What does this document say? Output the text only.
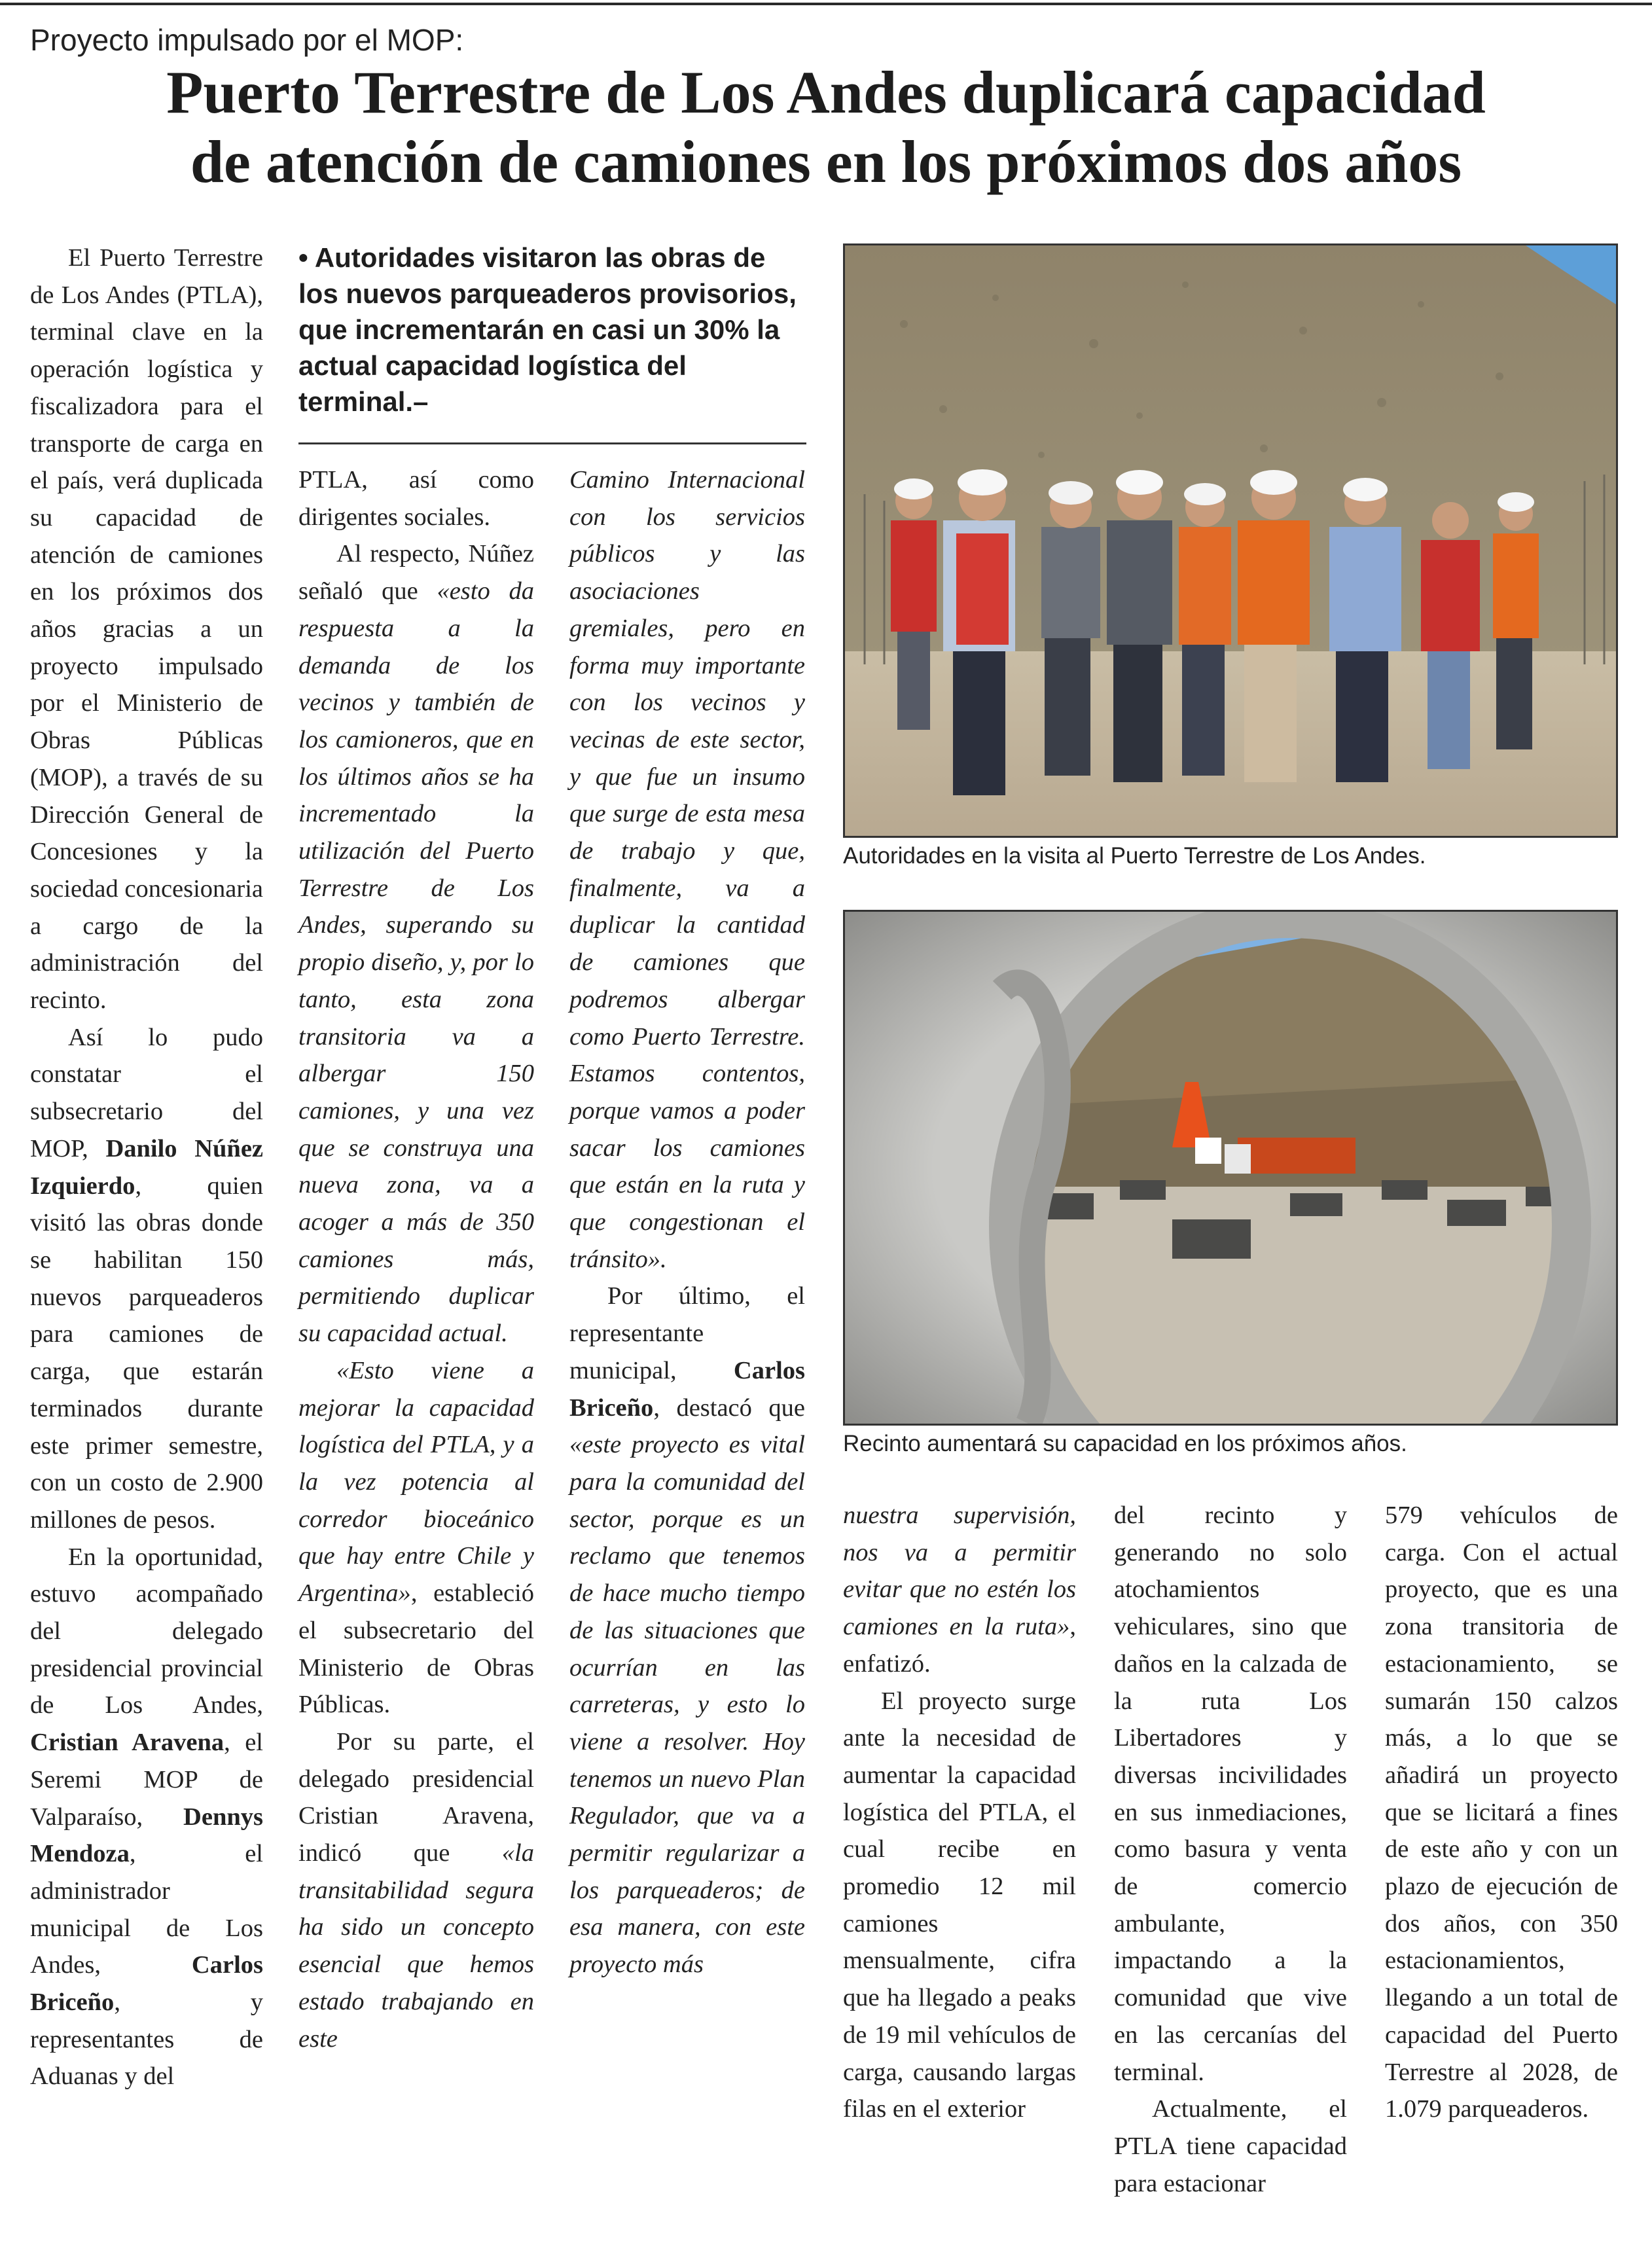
Proyecto impulsado por el MOP:
Puerto Terrestre de Los Andes duplicará capacidad
de atención de camiones en los próximos dos años

El Puerto Terrestre de Los Andes (PTLA), terminal clave en la operación logística y fiscalizadora para el transporte de carga en el país, verá duplicada su capacidad de atención de camiones en los próximos dos años gracias a un proyecto impulsado por el Ministerio de Obras Públicas (MOP), a través de su Dirección General de Concesiones y la sociedad concesionaria a cargo de la administración del recinto.

Así lo pudo constatar el subsecretario del MOP, Danilo Núñez Izquierdo, quien visitó las obras donde se habilitan 150 nuevos parqueaderos para camiones de carga, que estarán terminados durante este primer semestre, con un costo de 2.900 millones de pesos.

En la oportunidad, estuvo acompañado del delegado presidencial provincial de Los Andes, Cristian Aravena, el Seremi MOP de Valparaíso, Dennys Mendoza, el administrador municipal de Los Andes, Carlos Briceño, y representantes de Aduanas y del

• Autoridades visitaron las obras de los nuevos parqueaderos provisorios, que incrementarán en casi un 30% la actual capacidad logística del terminal.–

PTLA, así como dirigentes sociales.

Al respecto, Núñez señaló que «esto da respuesta a la demanda de los vecinos y también de los camioneros, que en los últimos años se ha incrementado la utilización del Puerto Terrestre de Los Andes, superando su propio diseño, y, por lo tanto, esta zona transitoria va a albergar 150 camiones, y una vez que se construya una nueva zona, va a acoger a más de 350 camiones más, permitiendo duplicar su capacidad actual.

«Esto viene a mejorar la capacidad logística del PTLA, y a la vez potencia al corredor bioceánico que hay entre Chile y Argentina», estableció el subsecretario del Ministerio de Obras Públicas.

Por su parte, el delegado presidencial Cristian Aravena, indicó que «la transitabilidad segura ha sido un concepto esencial que hemos estado trabajando en este

Camino Internacional con los servicios públicos y las asociaciones gremiales, pero en forma muy importante con los vecinos y vecinas de este sector, y que fue un insumo que surge de esta mesa de trabajo y que, finalmente, va a duplicar la cantidad de camiones que podremos albergar como Puerto Terrestre. Estamos contentos, porque vamos a poder sacar los camiones que están en la ruta y que congestionan el tránsito».

Por último, el representante municipal, Carlos Briceño, destacó que «este proyecto es vital para la comunidad del sector, porque es un reclamo que tenemos de hace mucho tiempo de las situaciones que ocurrían en las carreteras, y esto lo viene a resolver. Hoy tenemos un nuevo Plan Regulador, que va a permitir regularizar a los parqueaderos; de esa manera, con este proyecto más

Autoridades en la visita al Puerto Terrestre de Los Andes.
Recinto aumentará su capacidad en los próximos años.

nuestra supervisión, nos va a permitir evitar que no estén los camiones en la ruta», enfatizó.

El proyecto surge ante la necesidad de aumentar la capacidad logística del PTLA, el cual recibe en promedio 12 mil camiones mensualmente, cifra que ha llegado a peaks de 19 mil vehículos de carga, causando largas filas en el exterior

del recinto y generando no solo atochamientos vehiculares, sino que daños en la calzada de la ruta Los Libertadores y diversas incivilidades en sus inmediaciones, como basura y venta de comercio ambulante, impactando a la comunidad que vive en las cercanías del terminal.

Actualmente, el PTLA tiene capacidad para estacionar

579 vehículos de carga. Con el actual proyecto, que es una zona transitoria de estacionamiento, se sumarán 150 calzos más, a lo que se añadirá un proyecto que se licitará a fines de este año y con un plazo de ejecución de dos años, con 350 estacionamientos, llegando a un total de capacidad del Puerto Terrestre al 2028, de 1.079 parqueaderos.
